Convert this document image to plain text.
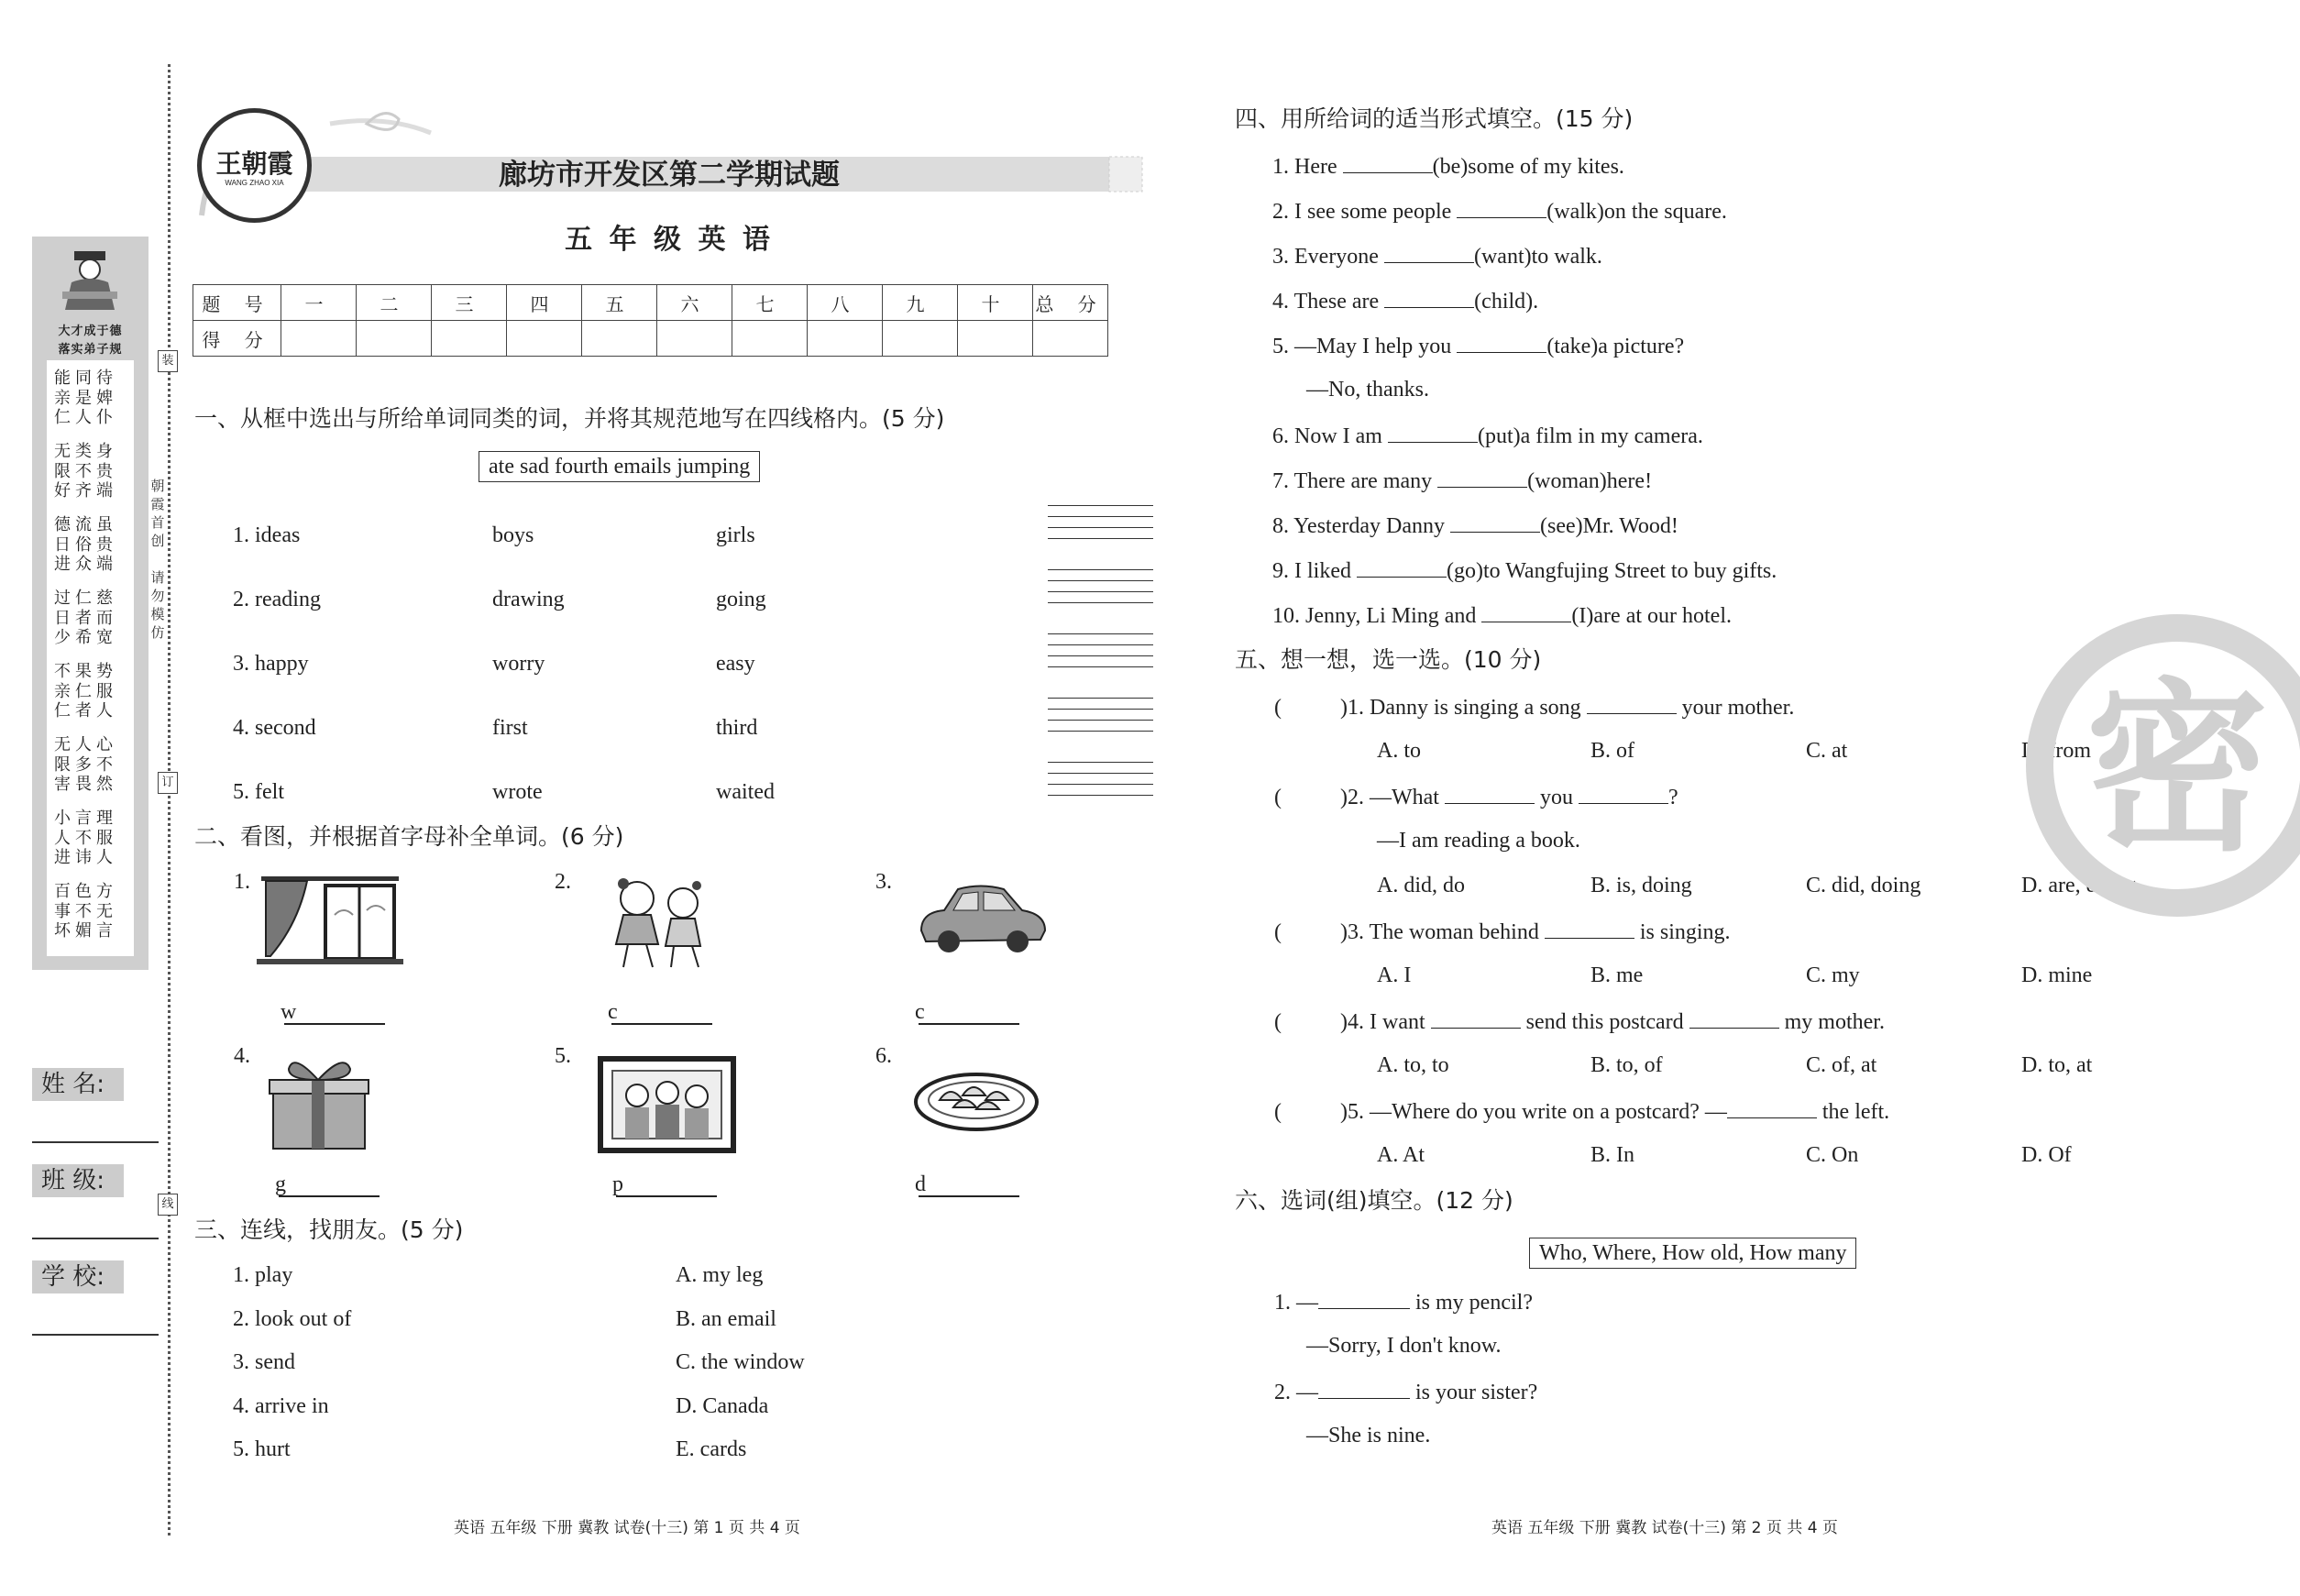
大才成于德
落实弟子规
能亲仁
同是人
待婢仆
无限好
类不齐
身贵端
德日进
流俗众
虽贵端
过日少
仁者希
慈而宽
不亲仁
果仁者
势服人
无限害
人多畏
心不然
小人进
言不讳
理服人
百事坏
色不媚
方无言
朝霞首创
请勿模仿
装
订
线
姓 名:
班 级:
学 校:
王朝霞
WANG ZHAO XIA	廊坊市开发区第二学期试题
五 年 级 英 语
题 号	一	二	三	四	五	六	七	八	九	十	总 分
得 分											
一、从框中选出与所给单词同类的词，并将其规范地写在四线格内。(5 分)
ate sad fourth emails jumping
1. ideas	boys	girls
2. reading	drawing	going
3. happy	worry	easy
4. second	first	third
5. felt	wrote	waited
二、看图，并根据首字母补全单词。(6 分)
1.
w
2.
c
3.
c
4.
g
5.
p
6.
d
三、连线，找朋友。(5 分)
1. play
2. look out of
3. send
4. arrive in
5. hurt
A. my leg
B. an email
C. the window
D. Canada
E. cards
四、用所给词的适当形式填空。(15 分)
1. Here	(be)some of my kites.
2. I see some people	(walk)on the square.
3. Everyone	(want)to walk.
4. These are	(child).
5. —May I help you	(take)a picture?
—No, thanks.
6. Now I am	(put)a film in my camera.
7. There are many	(woman)here!
8. Yesterday Danny	(see)Mr. Wood!
9. I liked	(go)to Wangfujing Street to buy gifts.
10. Jenny, Li Ming and	(I)are at our hotel.
五、想一想，选一选。(10 分)
(	)1. Danny is singing a song	your mother.
A. to	B. of	C. at	D. from
(	)2. —What	you	?
—I am reading a book.
A. did, do	B. is, doing	C. did, doing	D. are, doing
(	)3. The woman behind	is singing.
A. I	B. me	C. my	D. mine
(	)4. I want	send this postcard	my mother.
A. to, to	B. to, of	C. of, at	D. to, at
(	)5. —Where do you write on a postcard? —	the left.
A. At	B. In	C. On	D. Of
六、选词(组)填空。(12 分)
Who, Where, How old, How many
1. —	is my pencil?
—Sorry, I don't know.
2. —	is your sister?
—She is nine.
密
英语 五年级 下册 冀教 试卷(十三) 第 1 页 共 4 页	英语 五年级 下册 冀教 试卷(十三) 第 2 页 共 4 页
